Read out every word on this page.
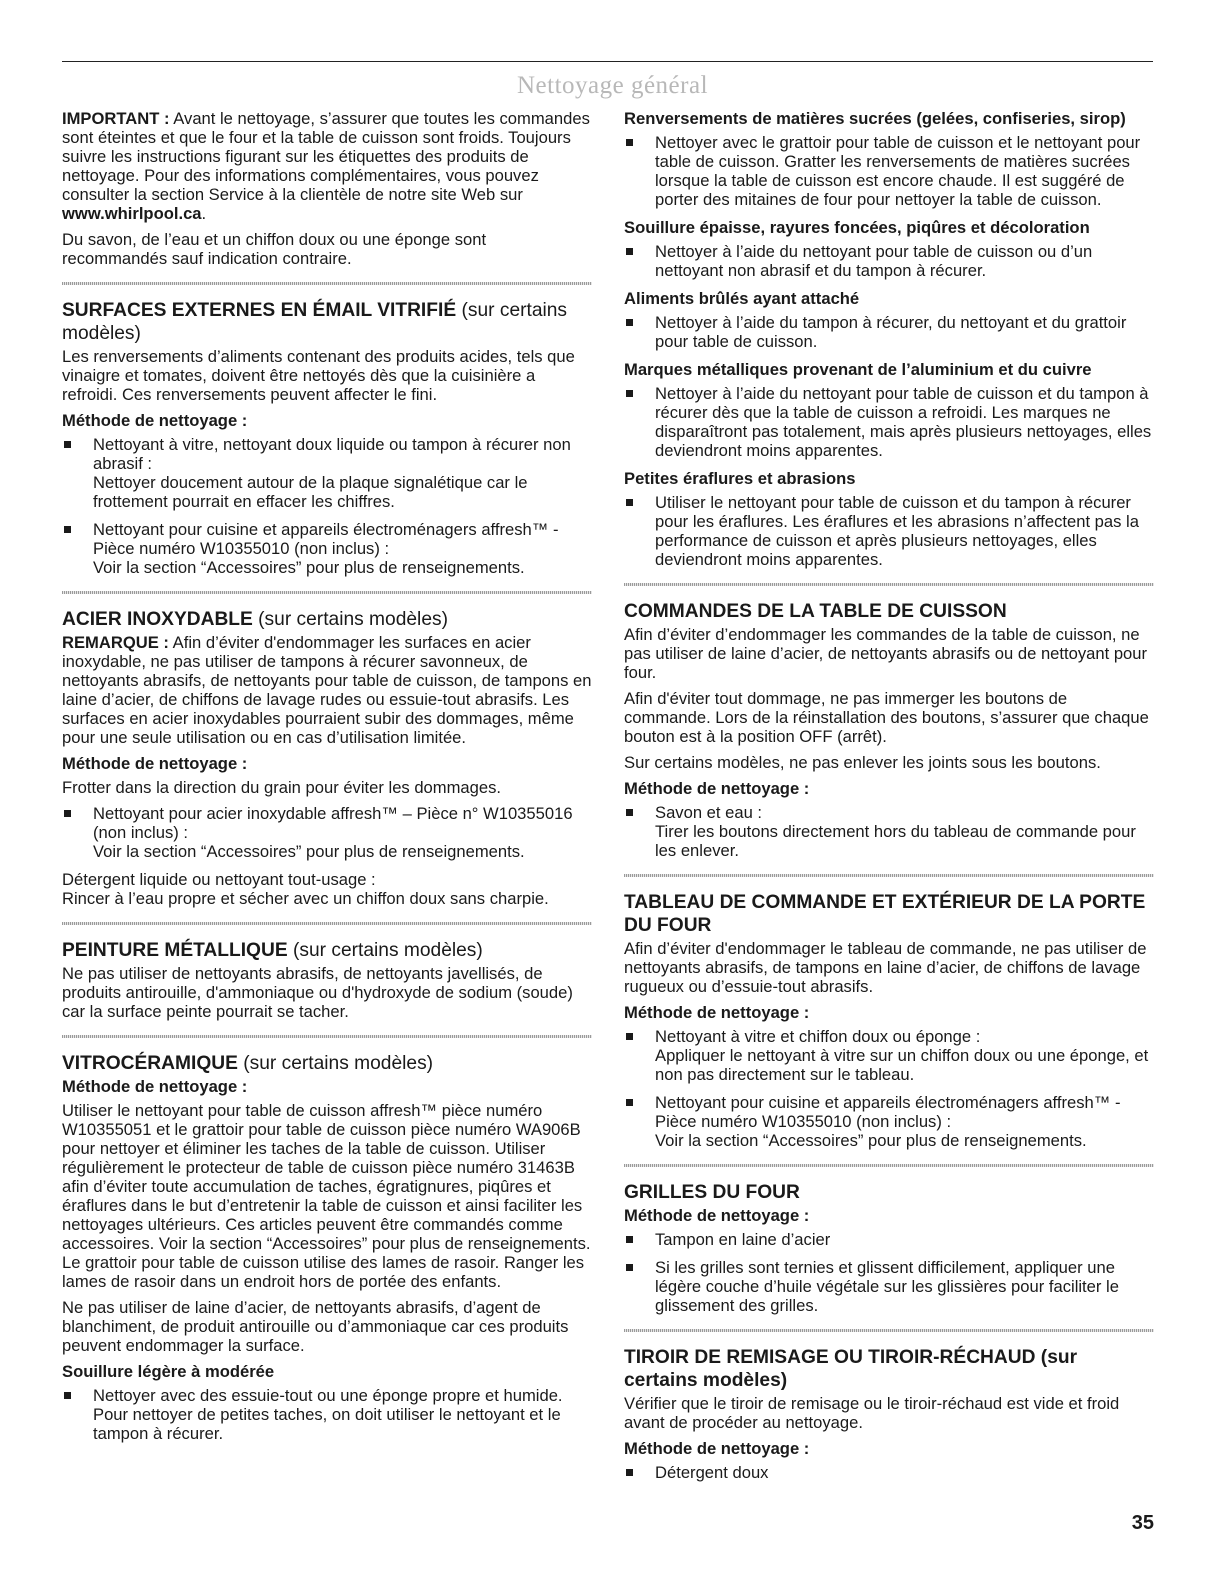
Nettoyage général

IMPORTANT : Avant le nettoyage, s’assurer que toutes les commandes sont éteintes et que le four et la table de cuisson sont froids. Toujours suivre les instructions figurant sur les étiquettes des produits de nettoyage. Pour des informations complémentaires, vous pouvez consulter la section Service à la clientèle de notre site Web sur www.whirlpool.ca.

Du savon, de l’eau et un chiffon doux ou une éponge sont recommandés sauf indication contraire.

SURFACES EXTERNES EN ÉMAIL VITRIFIÉ (sur certains modèles)

Les renversements d’aliments contenant des produits acides, tels que vinaigre et tomates, doivent être nettoyés dès que la cuisinière a refroidi. Ces renversements peuvent affecter le fini.

Méthode de nettoyage :
Nettoyant à vitre, nettoyant doux liquide ou tampon à récurer non abrasif :
Nettoyer doucement autour de la plaque signalétique car le frottement pourrait en effacer les chiffres.
Nettoyant pour cuisine et appareils électroménagers affresh™ - Pièce numéro W10355010 (non inclus) :
Voir la section “Accessoires” pour plus de renseignements.
ACIER INOXYDABLE (sur certains modèles)

REMARQUE : Afin d’éviter d'endommager les surfaces en acier inoxydable, ne pas utiliser de tampons à récurer savonneux, de nettoyants abrasifs, de nettoyants pour table de cuisson, de tampons en laine d’acier, de chiffons de lavage rudes ou essuie-tout abrasifs. Les surfaces en acier inoxydables pourraient subir des dommages, même pour une seule utilisation ou en cas d’utilisation limitée.

Méthode de nettoyage :

Frotter dans la direction du grain pour éviter les dommages.

Nettoyant pour acier inoxydable affresh™ – Pièce n° W10355016 (non inclus) :
Voir la section “Accessoires” pour plus de renseignements.

Détergent liquide ou nettoyant tout-usage :
Rincer à l’eau propre et sécher avec un chiffon doux sans charpie.

PEINTURE MÉTALLIQUE (sur certains modèles)

Ne pas utiliser de nettoyants abrasifs, de nettoyants javellisés, de produits antirouille, d'ammoniaque ou d'hydroxyde de sodium (soude) car la surface peinte pourrait se tacher.

VITROCÉRAMIQUE (sur certains modèles)
Méthode de nettoyage :

Utiliser le nettoyant pour table de cuisson affresh™ pièce numéro W10355051 et le grattoir pour table de cuisson pièce numéro WA906B pour nettoyer et éliminer les taches de la table de cuisson. Utiliser régulièrement le protecteur de table de cuisson pièce numéro 31463B afin d’éviter toute accumulation de taches, égratignures, piqûres et éraflures dans le but d’entretenir la table de cuisson et ainsi faciliter les nettoyages ultérieurs. Ces articles peuvent être commandés comme accessoires. Voir la section “Accessoires” pour plus de renseignements. Le grattoir pour table de cuisson utilise des lames de rasoir. Ranger les lames de rasoir dans un endroit hors de portée des enfants.

Ne pas utiliser de laine d’acier, de nettoyants abrasifs, d’agent de blanchiment, de produit antirouille ou d’ammoniaque car ces produits peuvent endommager la surface.

Souillure légère à modérée
Nettoyer avec des essuie-tout ou une éponge propre et humide. Pour nettoyer de petites taches, on doit utiliser le nettoyant et le tampon à récurer.
Renversements de matières sucrées (gelées, confiseries, sirop)
Nettoyer avec le grattoir pour table de cuisson et le nettoyant pour table de cuisson. Gratter les renversements de matières sucrées lorsque la table de cuisson est encore chaude. Il est suggéré de porter des mitaines de four pour nettoyer la table de cuisson.
Souillure épaisse, rayures foncées, piqûres et décoloration
Nettoyer à l’aide du nettoyant pour table de cuisson ou d’un nettoyant non abrasif et du tampon à récurer.
Aliments brûlés ayant attaché
Nettoyer à l’aide du tampon à récurer, du nettoyant et du grattoir pour table de cuisson.
Marques métalliques provenant de l’aluminium et du cuivre
Nettoyer à l’aide du nettoyant pour table de cuisson et du tampon à récurer dès que la table de cuisson a refroidi. Les marques ne disparaîtront pas totalement, mais après plusieurs nettoyages, elles deviendront moins apparentes.
Petites éraflures et abrasions
Utiliser le nettoyant pour table de cuisson et du tampon à récurer pour les éraflures. Les éraflures et les abrasions n’affectent pas la performance de cuisson et après plusieurs nettoyages, elles deviendront moins apparentes.
COMMANDES DE LA TABLE DE CUISSON

Afin d’éviter d’endommager les commandes de la table de cuisson, ne pas utiliser de laine d’acier, de nettoyants abrasifs ou de nettoyant pour four.

Afin d'éviter tout dommage, ne pas immerger les boutons de commande. Lors de la réinstallation des boutons, s’assurer que chaque bouton est à la position OFF (arrêt).

Sur certains modèles, ne pas enlever les joints sous les boutons.

Méthode de nettoyage :
Savon et eau :
Tirer les boutons directement hors du tableau de commande pour les enlever.
TABLEAU DE COMMANDE ET EXTÉRIEUR DE LA PORTE DU FOUR

Afin d’éviter d'endommager le tableau de commande, ne pas utiliser de nettoyants abrasifs, de tampons en laine d’acier, de chiffons de lavage rugueux ou d’essuie-tout abrasifs.

Méthode de nettoyage :
Nettoyant à vitre et chiffon doux ou éponge :
Appliquer le nettoyant à vitre sur un chiffon doux ou une éponge, et non pas directement sur le tableau.
Nettoyant pour cuisine et appareils électroménagers affresh™ - Pièce numéro W10355010 (non inclus) :
Voir la section “Accessoires” pour plus de renseignements.
GRILLES DU FOUR
Méthode de nettoyage :
Tampon en laine d’acier
Si les grilles sont ternies et glissent difficilement, appliquer une légère couche d’huile végétale sur les glissières pour faciliter le glissement des grilles.
TIROIR DE REMISAGE OU TIROIR-RÉCHAUD (sur certains modèles)

Vérifier que le tiroir de remisage ou le tiroir-réchaud est vide et froid avant de procéder au nettoyage.

Méthode de nettoyage :
Détergent doux
35
